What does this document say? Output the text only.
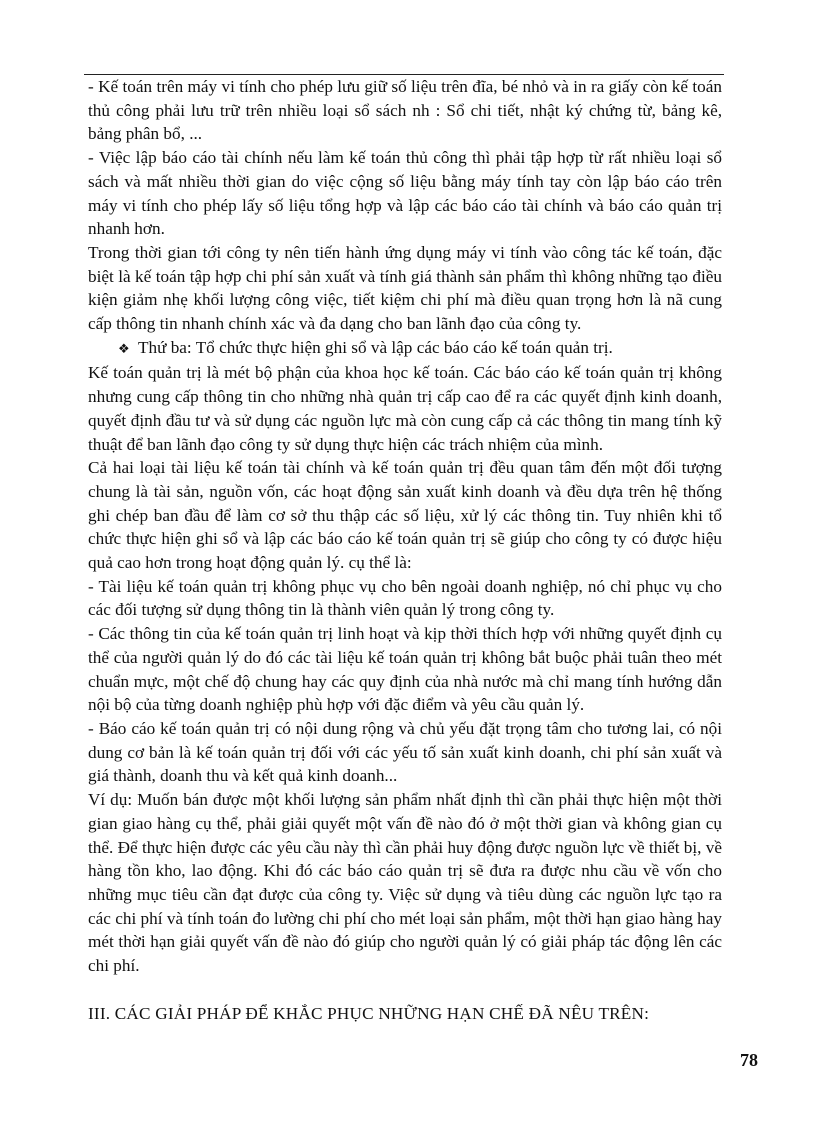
- Kế toán trên máy vi tính cho phép lưu giữ số liệu trên đĩa, bé nhỏ và in ra giấy còn kế toán thủ công phải lưu trữ trên nhiều loại sổ sách nh : Sổ chi tiết, nhật ký chứng từ, bảng kê, bảng phân bổ, ...

- Việc lập báo cáo tài chính nếu làm kế toán thủ công thì phải tập hợp từ rất nhiều loại sổ sách và mất nhiều thời gian do việc cộng số liệu bằng máy tính tay còn lập báo cáo trên máy vi tính cho phép lấy số liệu tổng hợp và lập các báo cáo tài chính và báo cáo quản trị nhanh hơn.

Trong thời gian tới công ty nên tiến hành ứng dụng máy vi tính vào công tác kế toán, đặc biệt là kế toán tập hợp chi phí sản xuất và tính giá thành sản phẩm thì không những tạo điều kiện giảm nhẹ khối lượng công việc, tiết kiệm chi phí mà điều quan trọng hơn là nã cung cấp thông tin nhanh chính xác và đa dạng cho ban lãnh đạo của công ty.

❖ Thứ ba: Tổ chức thực hiện ghi sổ và lập các báo cáo kế toán quản trị.

Kế toán quản trị là mét bộ phận của khoa học kế toán. Các báo cáo kế toán quản trị không nhưng cung cấp thông tin cho những nhà quản trị cấp cao để ra các quyết định kinh doanh, quyết định đầu tư và sử dụng các nguồn lực mà còn cung cấp cả các thông tin mang tính kỹ thuật để ban lãnh đạo công ty sử dụng thực hiện các trách nhiệm của mình.

Cả hai loại tài liệu kế toán tài chính và kế toán quản trị đều quan tâm đến một đối tượng chung là tài sản, nguồn vốn, các hoạt động sản xuất kinh doanh và đều dựa trên hệ thống ghi chép ban đầu để làm cơ sở thu thập các số liệu, xử lý các thông tin. Tuy nhiên khi tổ chức thực hiện ghi sổ và lập các báo cáo kế toán quản trị sẽ giúp cho công ty có được hiệu quả cao hơn trong hoạt động quản lý. cụ thể là:

- Tài liệu kế toán quản trị không phục vụ cho bên ngoài doanh nghiệp, nó chỉ phục vụ cho các đối tượng sử dụng thông tin là thành viên quản lý trong công ty.

- Các thông tin của kế toán quản trị linh hoạt và kịp thời thích hợp với những quyết định cụ thể của người quản lý do đó các tài liệu kế toán quản trị không bắt buộc phải tuân theo mét chuẩn mực, một chế độ chung hay các quy định của nhà nước mà chỉ mang tính hướng dẫn nội bộ của từng doanh nghiệp phù hợp với đặc điểm và yêu cầu quản lý.

- Báo cáo kế toán quản trị có nội dung rộng và chủ yếu đặt trọng tâm cho tương lai, có nội dung cơ bản là kế toán quản trị đối với các yếu tố sản xuất kinh doanh, chi phí sản xuất và giá thành, doanh thu và kết quả kinh doanh...

Ví dụ: Muốn bán được một khối lượng sản phẩm nhất định thì cần phải thực hiện một thời gian giao hàng cụ thể, phải giải quyết một vấn đề nào đó ở một thời gian và không gian cụ thể. Để thực hiện được các yêu cầu này thì cần phải huy động được nguồn lực về thiết bị, về hàng tồn kho, lao động. Khi đó các báo cáo quản trị sẽ đưa ra được nhu cầu về vốn cho những mục tiêu cần đạt được của công ty. Việc sử dụng và tiêu dùng các nguồn lực tạo ra các chi phí và tính toán đo lường chi phí cho mét loại sản phẩm, một thời hạn giao hàng hay mét thời hạn giải quyết vấn đề nào đó giúp cho người quản lý có giải pháp tác động lên các chi phí.

III. CÁC GIẢI PHÁP ĐỂ KHẮC PHỤC NHỮNG HẠN CHẾ ĐÃ NÊU TRÊN:

78
